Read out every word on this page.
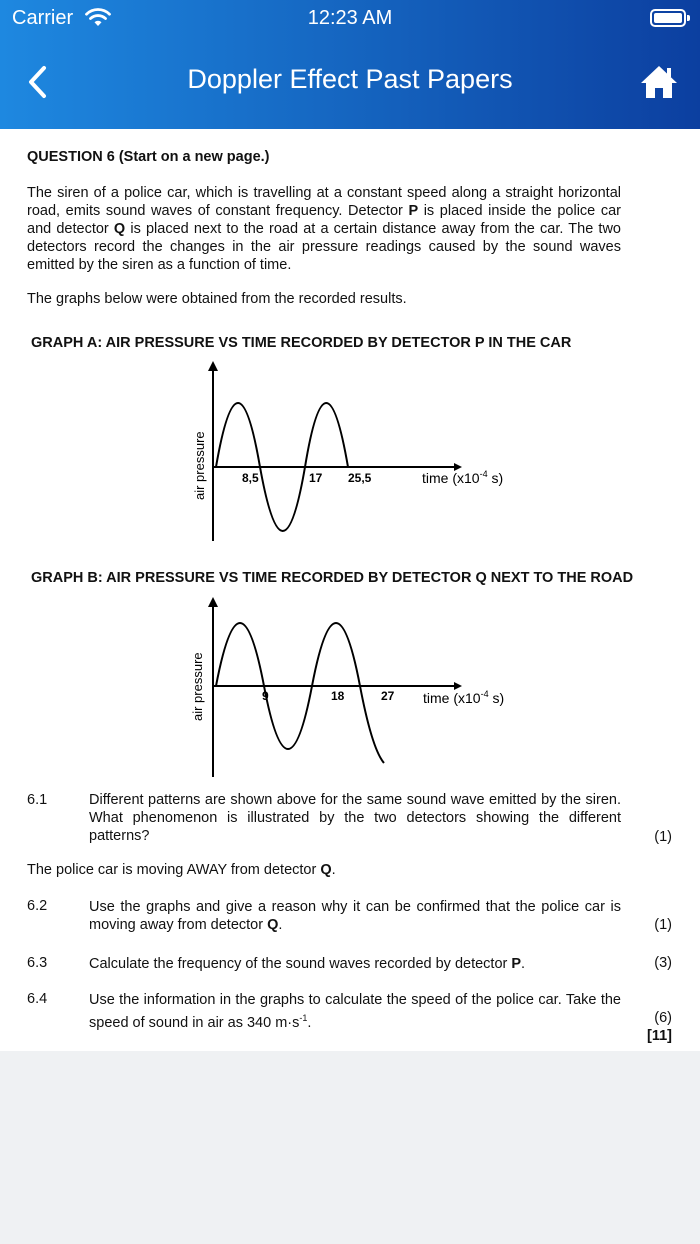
Carrier	12:23 AM
Doppler Effect Past Papers
QUESTION 6 (Start on a new page.)
The siren of a police car, which is travelling at a constant speed along a straight horizontal road, emits sound waves of constant frequency. Detector P is placed inside the police car and detector Q is placed next to the road at a certain distance away from the car. The two detectors record the changes in the air pressure readings caused by the sound waves emitted by the siren as a function of time.
The graphs below were obtained from the recorded results.
GRAPH A: AIR PRESSURE VS TIME RECORDED BY DETECTOR P IN THE CAR
air pressure	8,5	17 25,5	time ($x10^{-4}$ s)
GRAPH B: AIR PRESSURE VS TIME RECORDED BY DETECTOR Q NEXT TO THE ROAD
air pressure	9	18	27 time ($x10^{-4}$ s)
6.1	Different patterns are shown above for the same sound wave emitted by the siren. What phenomenon is illustrated by the two detectors showing the different patterns?	(1)
The police car is moving AWAY from detector Q.
6.2	Use the graphs and give a reason why it can be confirmed that the police car is moving away from detector Q.	(1)
6.3	Calculate the frequency of the sound waves recorded by detector P.	(3)
6.4	Use the information in the graphs to calculate the speed of the police car. Take the speed of sound in air as 340 $m\cdot s^{-1}$.	(6)
[11]
